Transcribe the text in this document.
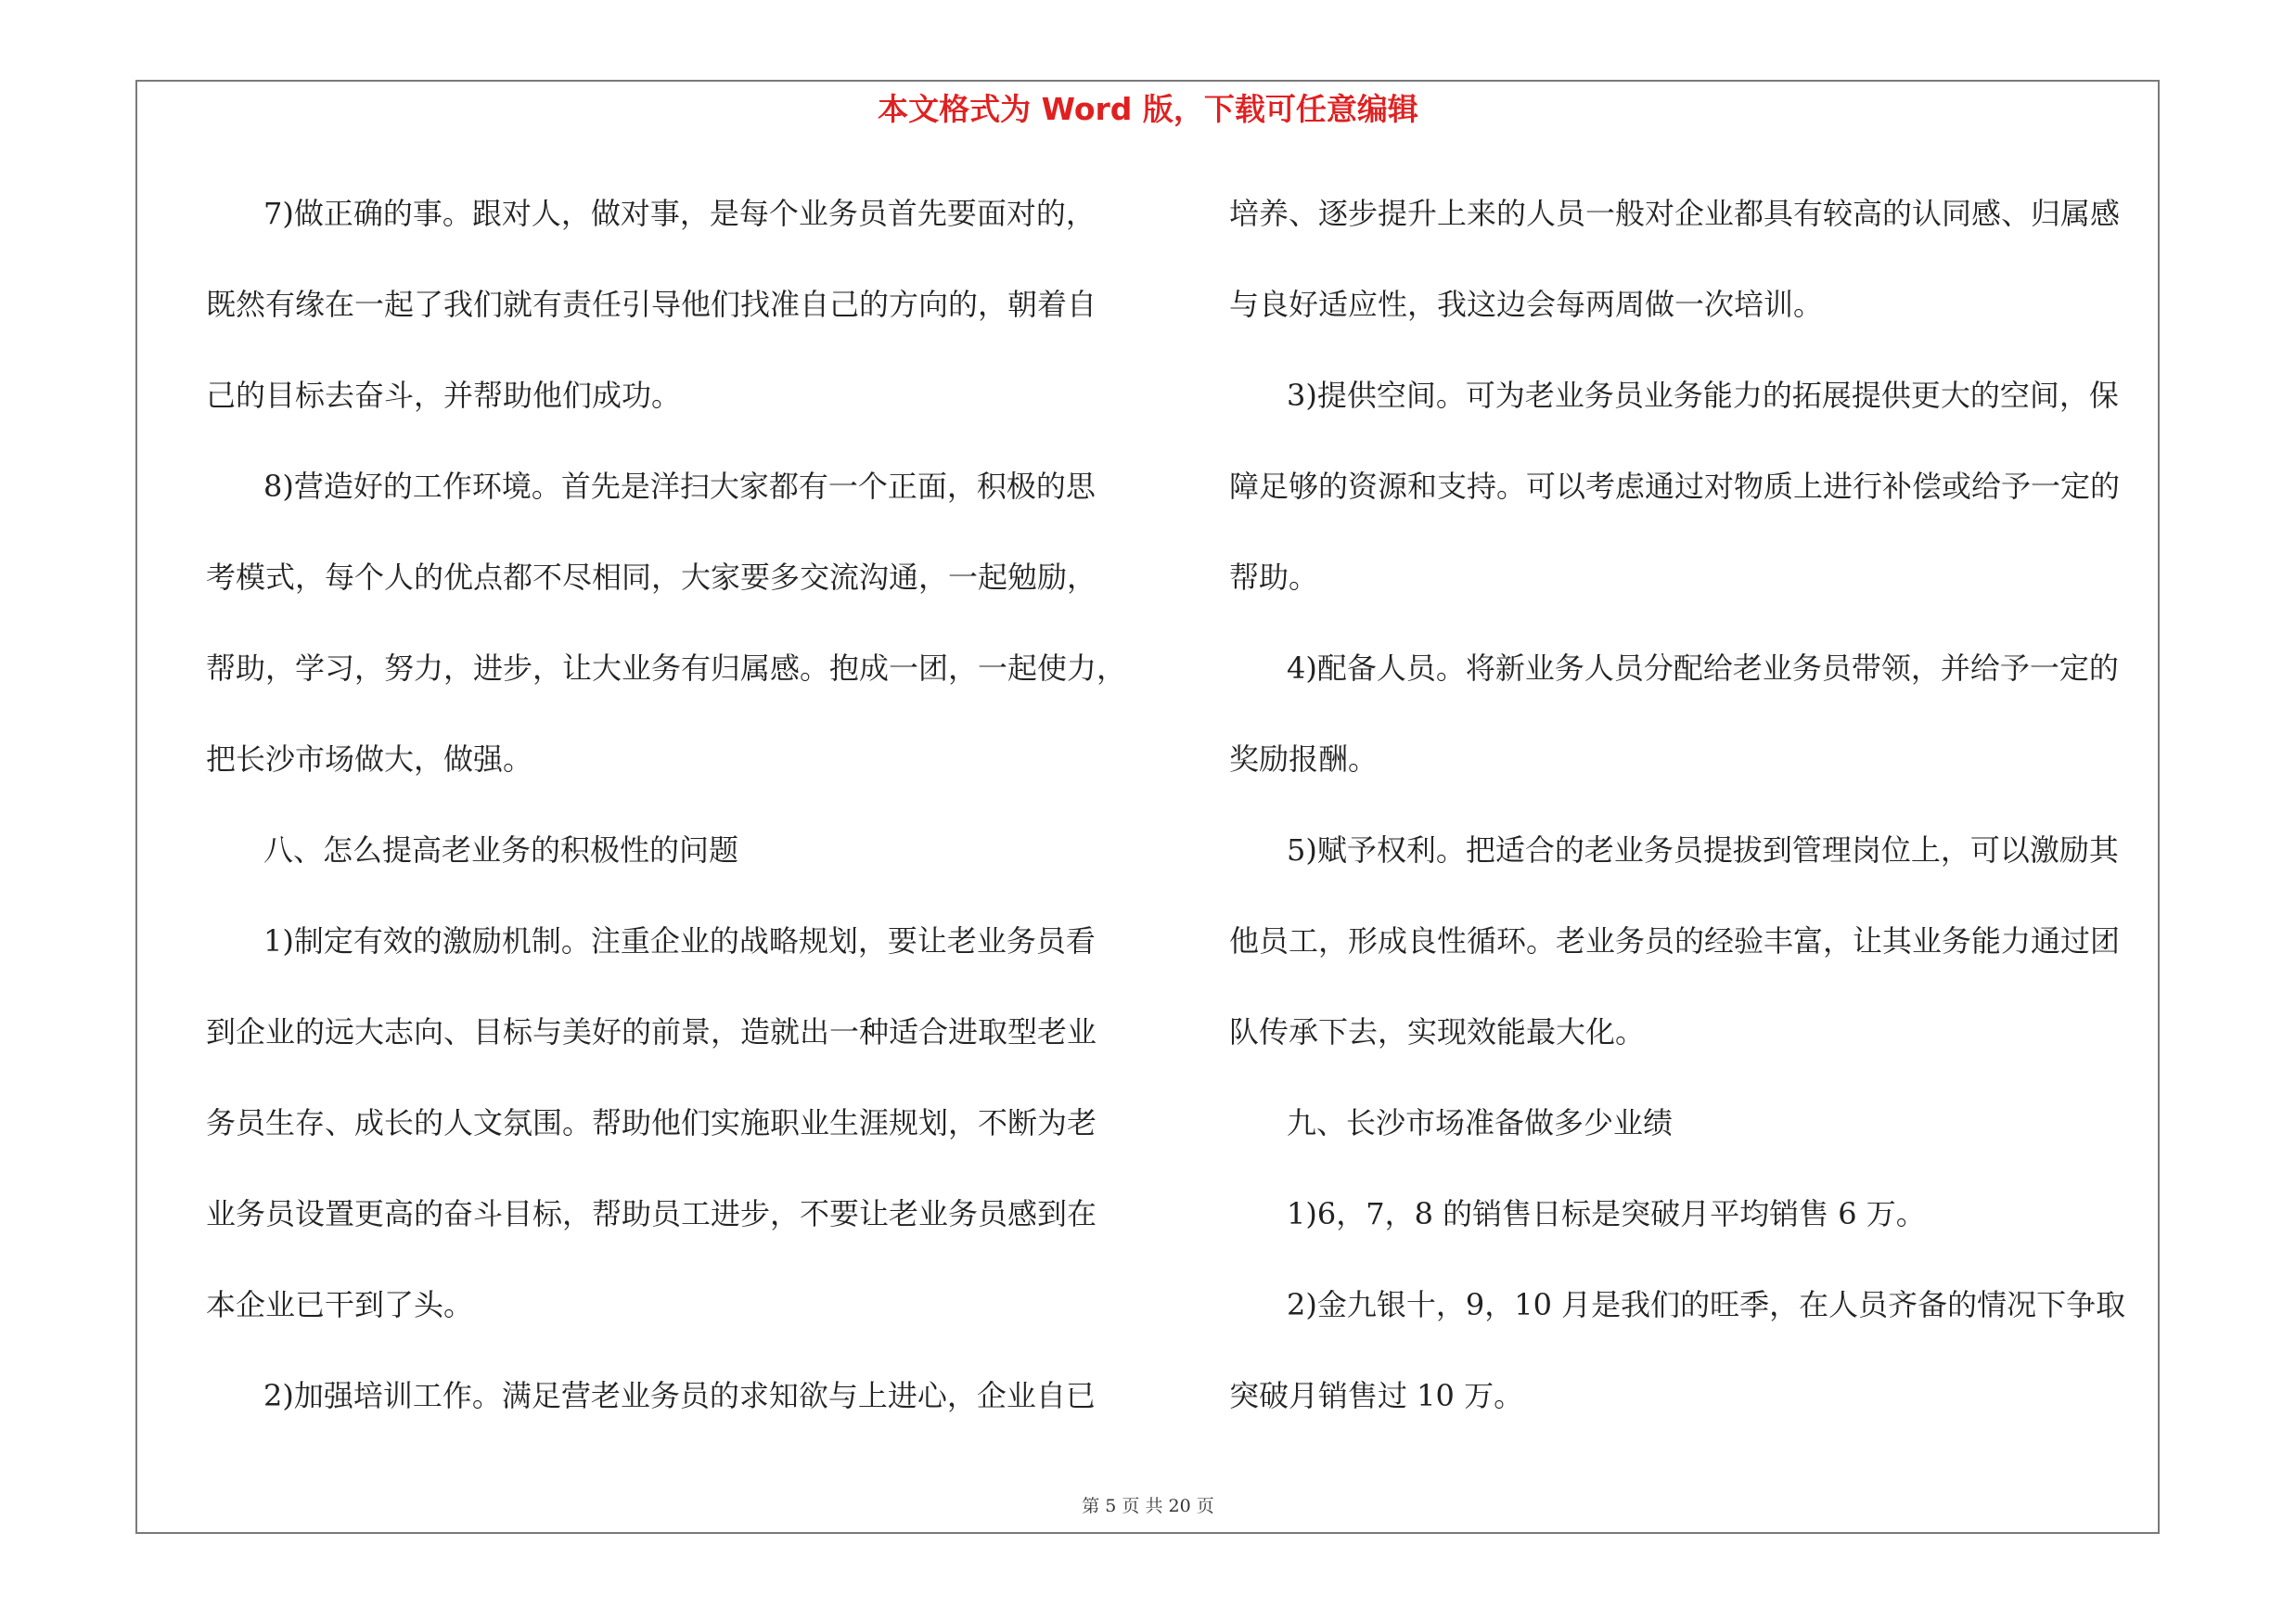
本文格式为 Word 版，下载可任意编辑
7)做正确的事。跟对人，做对事，是每个业务员首先要面对的，
既然有缘在一起了我们就有责任引导他们找准自己的方向的，朝着自
己的目标去奋斗，并帮助他们成功。
8)营造好的工作环境。首先是洋扫大家都有一个正面，积极的思
考模式，每个人的优点都不尽相同，大家要多交流沟通，一起勉励，
帮助，学习，努力，进步，让大业务有归属感。抱成一团，一起使力，
把长沙市场做大，做强。
八、怎么提高老业务的积极性的问题
1)制定有效的激励机制。注重企业的战略规划，要让老业务员看
到企业的远大志向、目标与美好的前景，造就出一种适合进取型老业
务员生存、成长的人文氛围。帮助他们实施职业生涯规划，不断为老
业务员设置更高的奋斗目标，帮助员工进步，不要让老业务员感到在
本企业已干到了头。
2)加强培训工作。满足营老业务员的求知欲与上进心，企业自已
培养、逐步提升上来的人员一般对企业都具有较高的认同感、归属感
与良好适应性，我这边会每两周做一次培训。
3)提供空间。可为老业务员业务能力的拓展提供更大的空间，保
障足够的资源和支持。可以考虑通过对物质上进行补偿或给予一定的
帮助。
4)配备人员。将新业务人员分配给老业务员带领，并给予一定的
奖励报酬。
5)赋予权利。把适合的老业务员提拔到管理岗位上，可以激励其
他员工，形成良性循环。老业务员的经验丰富，让其业务能力通过团
队传承下去，实现效能最大化。
九、长沙市场准备做多少业绩
1)6，7，8 的销售日标是突破月平均销售 6 万。
2)金九银十，9，10 月是我们的旺季，在人员齐备的情况下争取
突破月销售过 10 万。
第 5 页 共 20 页
